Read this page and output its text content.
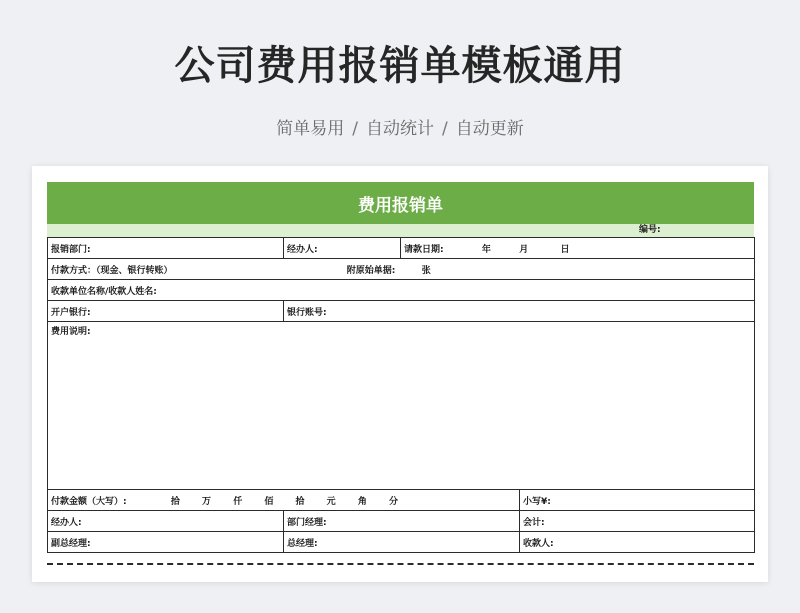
公司费用报销单模板通用
简单易用 / 自动统计 / 自动更新
费用报销单
编号:
报销部门:	经办人:	请款日期: 年 月 日	
付款方式：（现金、银行转账） 附原始单据: 张			
收款单位名称/收款人姓名:			
开户银行:	银行账号:		
费用说明:			
付款金额（大写）: 拾 万 仟 佰 拾 元 角 分			小写¥:
经办人:	部门经理:		会计:
副总经理:	总经理:		收款人:
